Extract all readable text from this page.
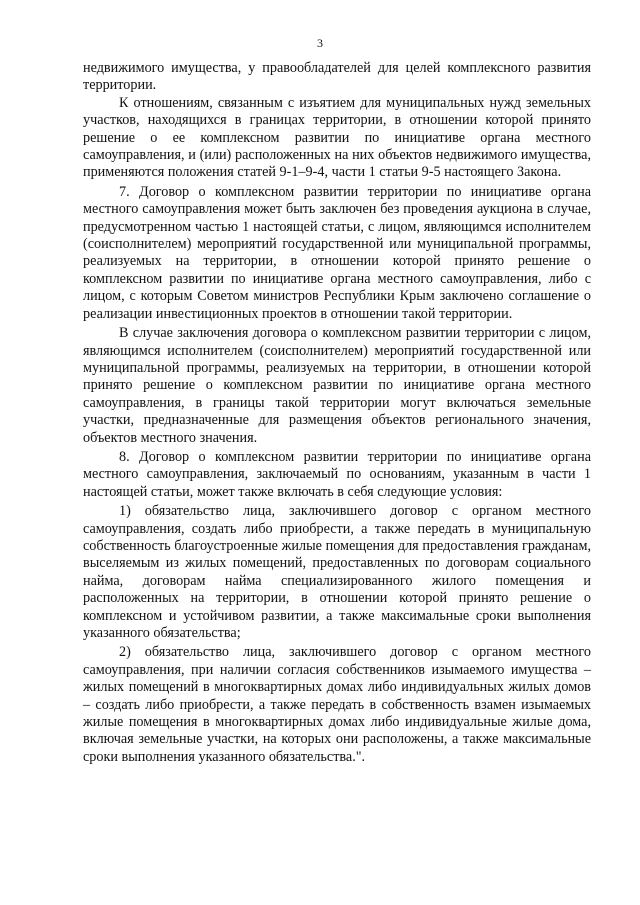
3

недвижимого имущества, у правообладателей для целей комплексного развития территории.

К отношениям, связанным с изъятием для муниципальных нужд земельных участков, находящихся в границах территории, в отношении которой принято решение о ее комплексном развитии по инициативе органа местного самоуправления, и (или) расположенных на них объектов недвижимого имущества, применяются положения статей 9-1–9-4, части 1 статьи 9-5 настоящего Закона.

7. Договор о комплексном развитии территории по инициативе органа местного самоуправления может быть заключен без проведения аукциона в случае, предусмотренном частью 1 настоящей статьи, с лицом, являющимся исполнителем (соисполнителем) мероприятий государственной или муниципальной программы, реализуемых на территории, в отношении которой принято решение о комплексном развитии по инициативе органа местного самоуправления, либо с лицом, с которым Советом министров Республики Крым заключено соглашение о реализации инвестиционных проектов в отношении такой территории.

В случае заключения договора о комплексном развитии территории с лицом, являющимся исполнителем (соисполнителем) мероприятий государственной или муниципальной программы, реализуемых на территории, в отношении которой принято решение о комплексном развитии по инициативе органа местного самоуправления, в границы такой территории могут включаться земельные участки, предназначенные для размещения объектов регионального значения, объектов местного значения.

8. Договор о комплексном развитии территории по инициативе органа местного самоуправления, заключаемый по основаниям, указанным в части 1 настоящей статьи, может также включать в себя следующие условия:

1) обязательство лица, заключившего договор с органом местного самоуправления, создать либо приобрести, а также передать в муниципальную собственность благоустроенные жилые помещения для предоставления гражданам, выселяемым из жилых помещений, предоставленных по договорам социального найма, договорам найма специализированного жилого помещения и расположенных на территории, в отношении которой принято решение о комплексном и устойчивом развитии, а также максимальные сроки выполнения указанного обязательства;

2) обязательство лица, заключившего договор с органом местного самоуправления, при наличии согласия собственников изымаемого имущества – жилых помещений в многоквартирных домах либо индивидуальных жилых домов – создать либо приобрести, а также передать в собственность взамен изымаемых жилые помещения в многоквартирных домах либо индивидуальные жилые дома, включая земельные участки, на которых они расположены, а также максимальные сроки выполнения указанного обязательства.".
